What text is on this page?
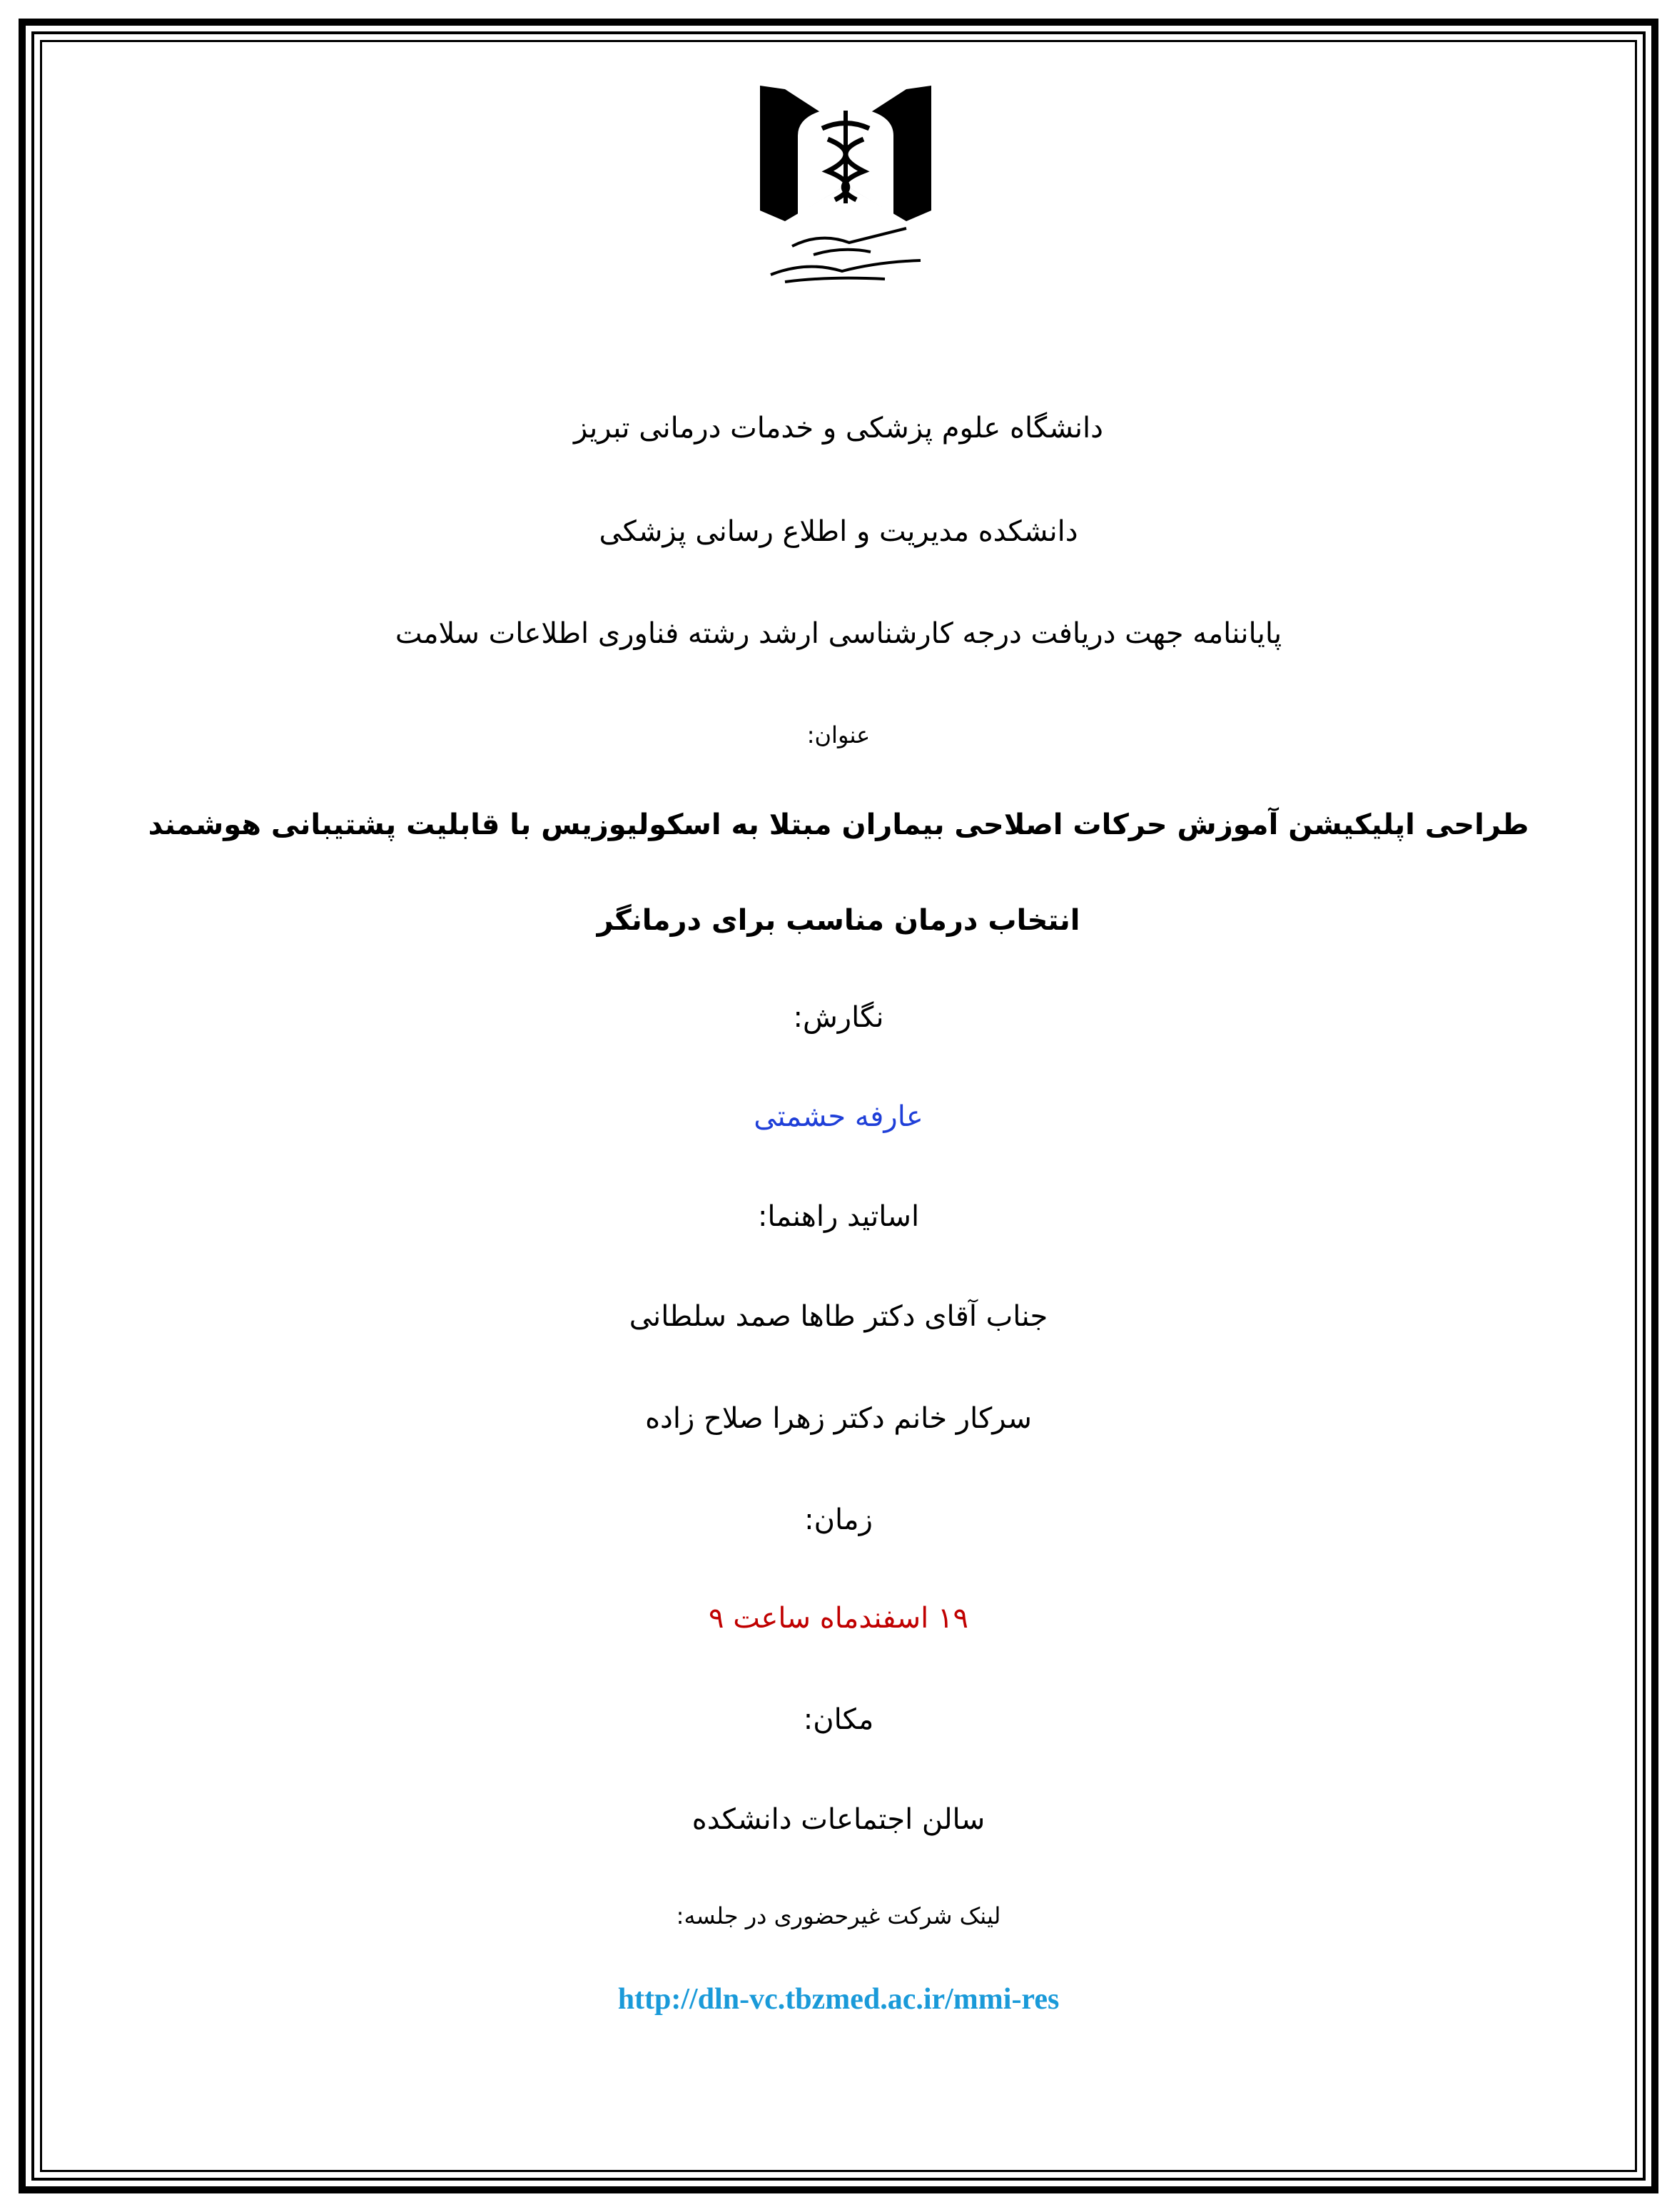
دانشگاه علوم پزشکی و خدمات درمانی تبریز
دانشکده مدیریت و اطلاع رسانی پزشکی
پایاننامه جهت دریافت درجه کارشناسی ارشد رشته فناوری اطلاعات سلامت
عنوان:
طراحی اپلیکیشن آموزش حرکات اصلاحی بیماران مبتلا به اسکولیوزیس با قابلیت پشتیبانی هوشمند
انتخاب درمان مناسب برای درمانگر
نگارش:
عارفه حشمتی
اساتید راهنما:
جناب آقای دکتر طاها صمد سلطانی
سرکار خانم دکتر زهرا صلاح زاده
زمان:
۱۹ اسفندماه ساعت ۹
مکان:
سالن اجتماعات دانشکده
لینک شرکت غیرحضوری در جلسه:
http://dln-vc.tbzmed.ac.ir/mmi-res
